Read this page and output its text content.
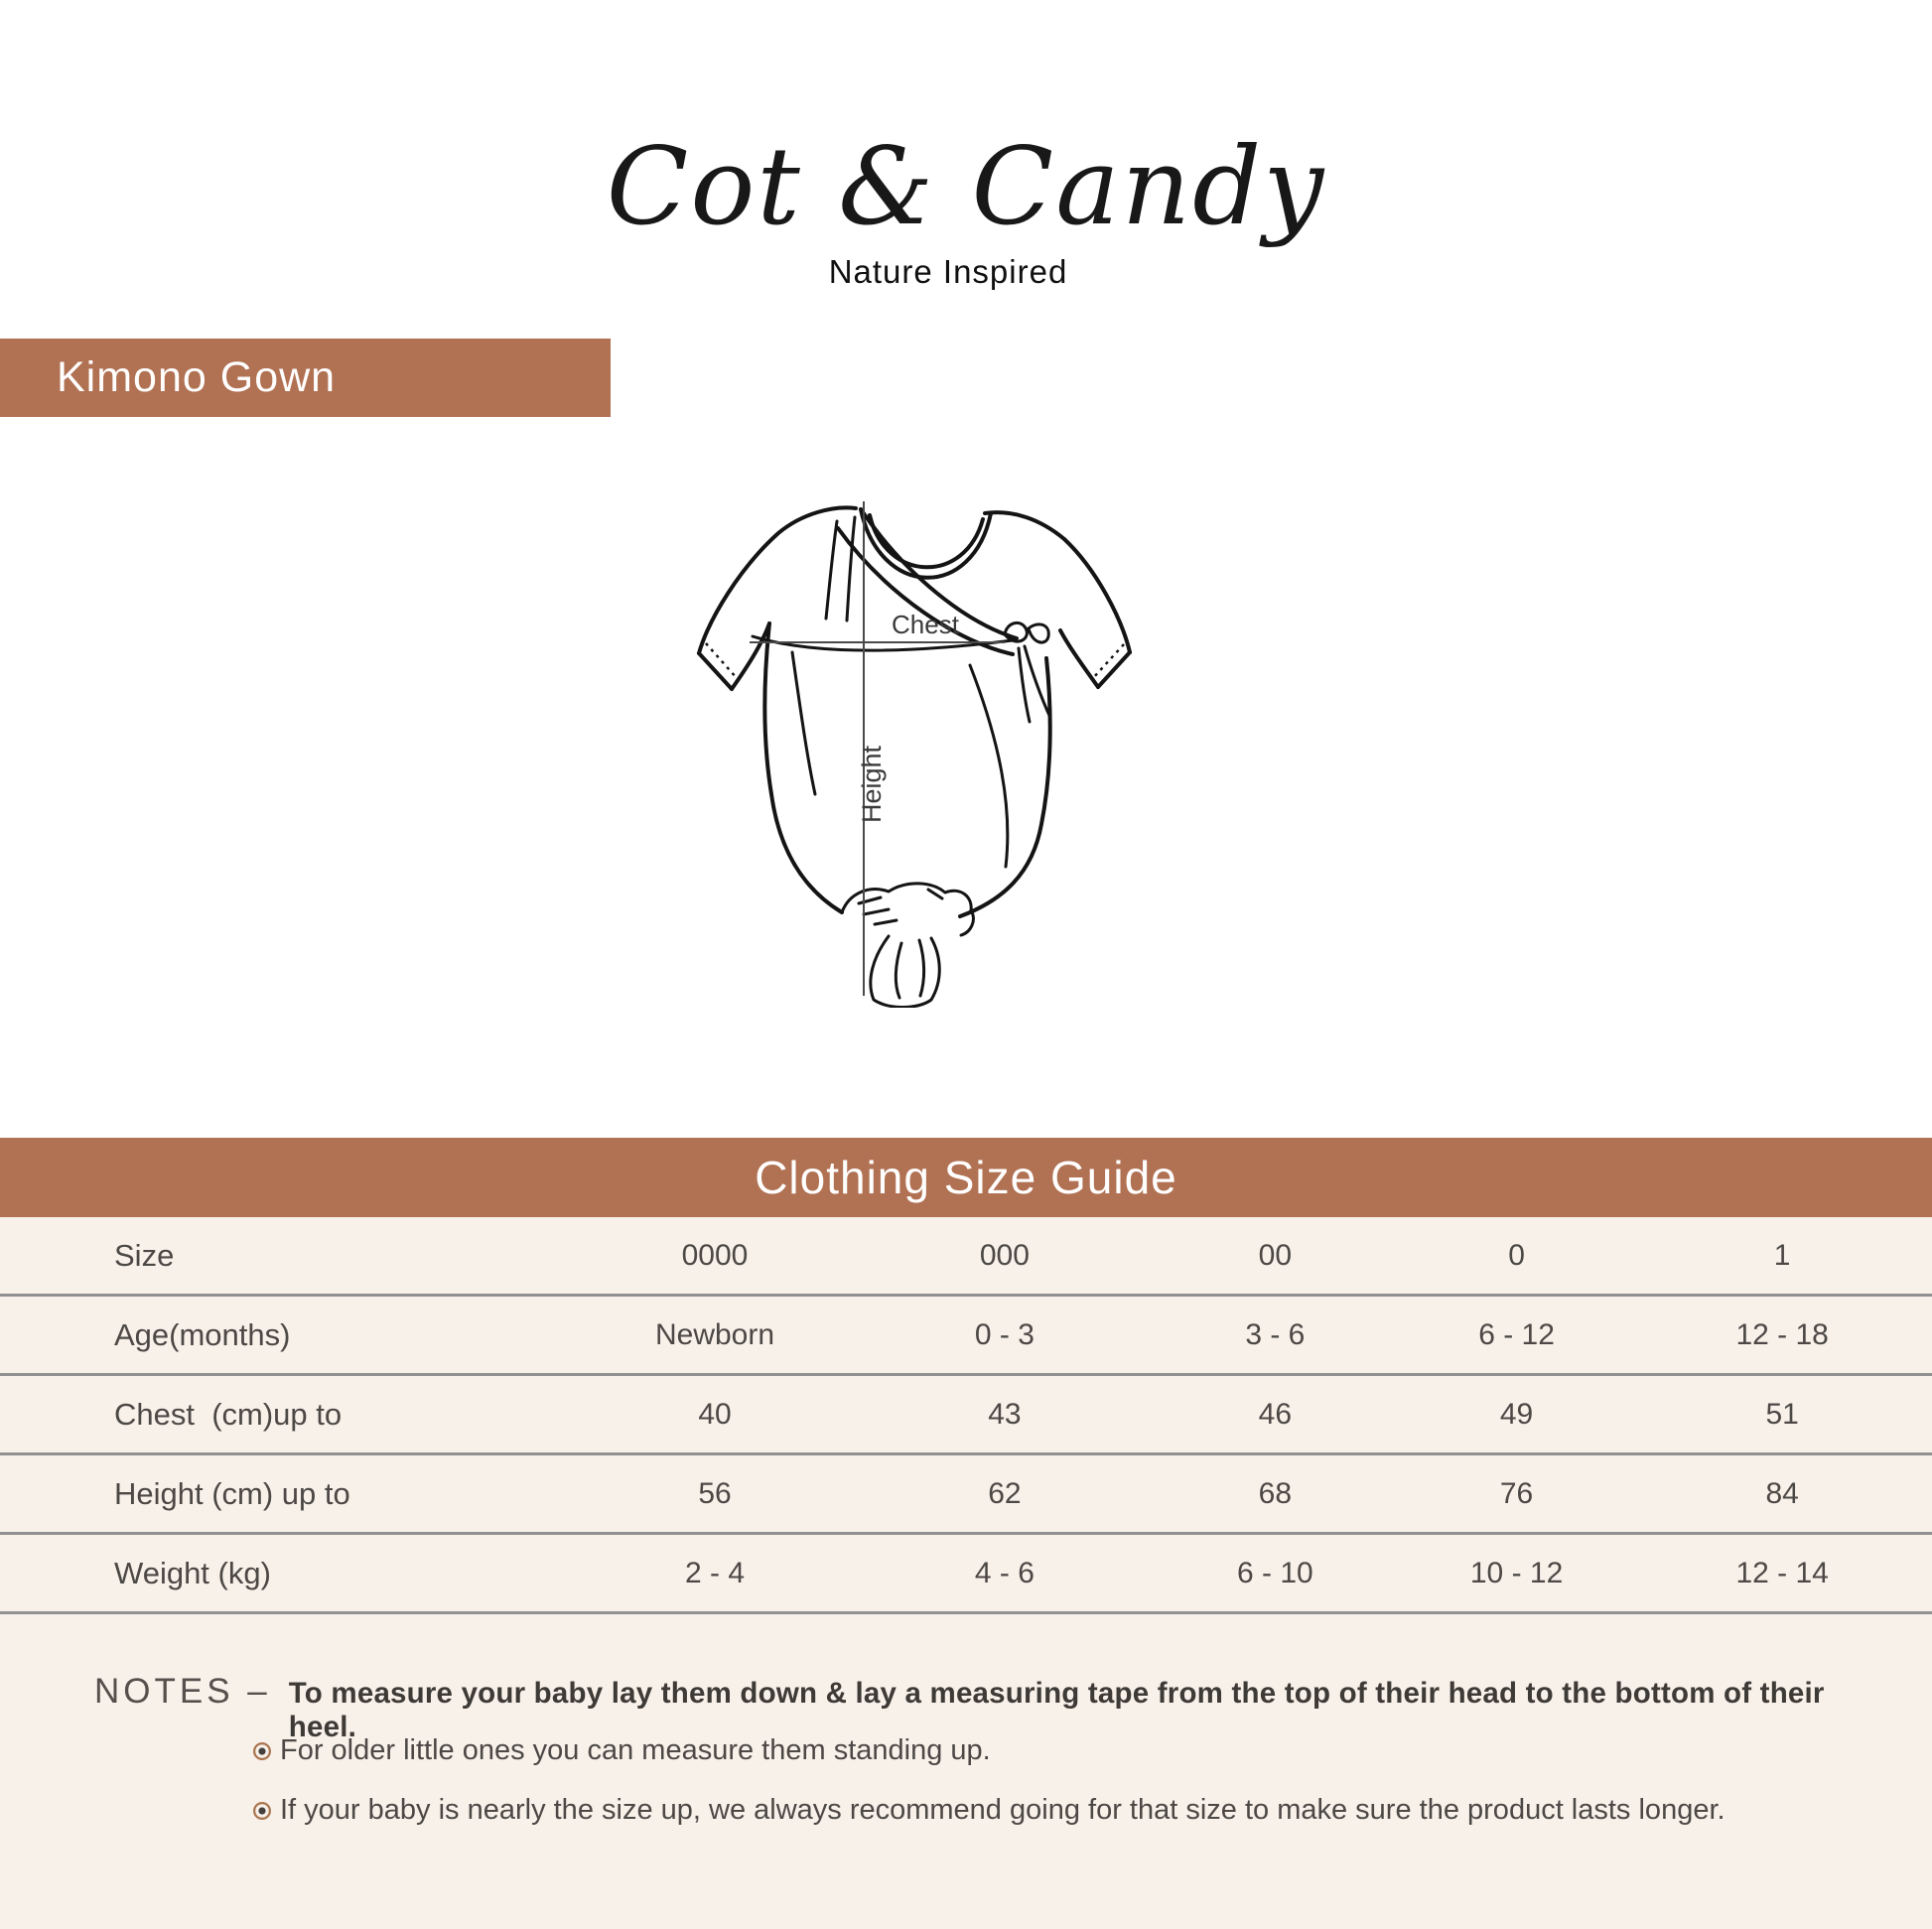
Cot & Candy
Nature Inspired
Kimono Gown
Chest
Height
Clothing Size Guide
Size	0000	000	00	0	1
Age(months)	Newborn	0 - 3	3 - 6	6 - 12	12 - 18
Chest  (cm)up to	40	43	46	49	51
Height (cm) up to	56	62	68	76	84
Weight (kg)	2 - 4	4 - 6	6 - 10	10 - 12	12 - 14
NOTES – To measure your baby lay them down & lay a measuring tape from the top of their head to the bottom of their heel.
For older little ones you can measure them standing up.
If your baby is nearly the size up, we always recommend going for that size to make sure the product lasts longer.
